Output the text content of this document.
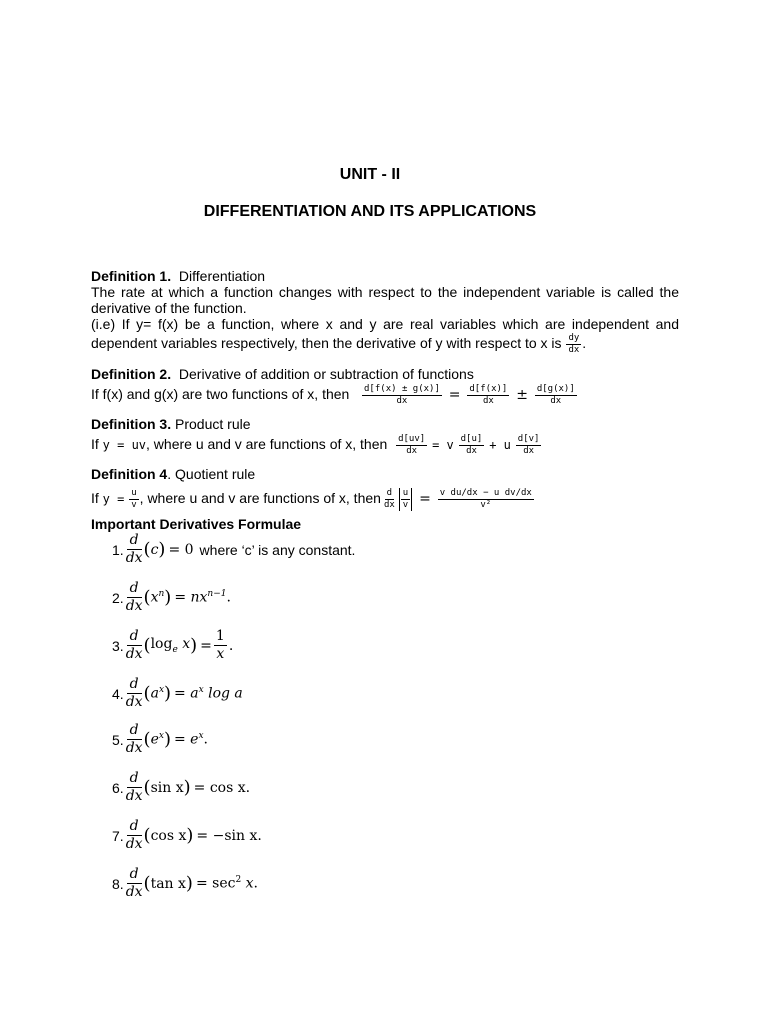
UNIT - II
DIFFERENTIATION AND ITS APPLICATIONS
Definition 1. Differentiation
The rate at which a function changes with respect to the independent variable is called the derivative of the function.
(i.e) If y= f(x) be a function, where x and y are real variables which are independent and dependent variables respectively, then the derivative of y with respect to x is $\frac{dy}{dx}$ .
Definition 2. Derivative of addition or subtraction of functions
If f(x) and g(x) are two functions of x, then $\frac{d[f(x) \pm g(x)]}{dx} = \frac{d[f(x)]}{dx} \pm \frac{d[g(x)]}{dx}$
Definition 3. Product rule
If y = uv, where u and v are functions of x, then $\frac{d[uv]}{dx} = v \frac{d[u]}{dx} + u \frac{d[v]}{dx}$
Definition 4. Quotient rule
If $y = \frac{u}{v}$ , where u and v are functions of x, then $\frac{d}{dx} \frac{u}{v} = \frac{\text{v du/dx − u dv/dx}}{\text{v²}}$
Important Derivatives Formulae
1. $\frac{d}{dx}$ ( c ) = 0 where ‘c’ is any constant.
2. $\frac{d}{dx}$ ( $x^n$ ) = $nx^{n-1}$.
3. $\frac{d}{dx}$ ( $\log_e x$ ) = $\frac{1}{x}$ .
4. $\frac{d}{dx}$ ( $a^x$ ) = $a^x$ log a
5. $\frac{d}{dx}$ ( $e^x$ ) = $e^x$.
6. $\frac{d}{dx}$ ( sin x ) = cos x .
7. $\frac{d}{dx}$ ( cos x ) = −sin x .
8. $\frac{d}{dx}$ ( tan x ) = $\sec^2 x$.
